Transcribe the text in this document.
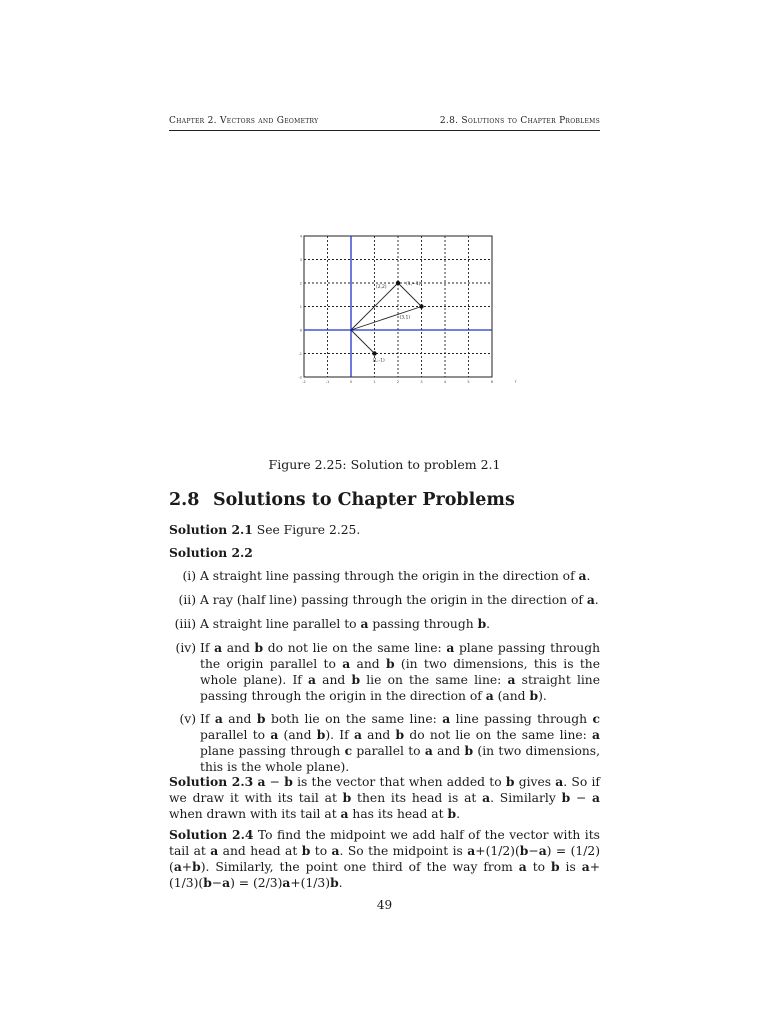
Chapter 2. Vectors and Geometry	2.8. Solutions to Chapter Problems
-2	-1	0	1	2	3	4	5	6	7
4
3
2
1
0
-1
-2
(2,2)
(3,1)
(1,-1)
(1,−1)
Figure 2.25: Solution to problem 2.1
2.8 Solutions to Chapter Problems
Solution 2.1 See Figure 2.25.
Solution 2.2
(i) A straight line passing through the origin in the direction of a.
(ii) A ray (half line) passing through the origin in the direction of a.
(iii) A straight line parallel to a passing through b.
(iv) If a and b do not lie on the same line: a plane passing through the origin parallel to a and b (in two dimensions, this is the whole plane). If a and b lie on the same line: a straight line passing through the origin in the direction of a (and b).
(v) If a and b both lie on the same line: a line passing through c parallel to a (and b). If a and b do not lie on the same line: a plane passing through c parallel to a and b (in two dimensions, this is the whole plane).
Solution 2.3 a − b is the vector that when added to b gives a. So if we draw it with its tail at b then its head is at a. Similarly b − a when drawn with its tail at a has its head at b.
Solution 2.4 To find the midpoint we add half of the vector with its tail at a and head at b to a. So the midpoint is a+(1/2)(b−a) = (1/2)(a+b). Similarly, the point one third of the way from a to b is a+(1/3)(b−a) = (2/3)a+(1/3)b.
49
